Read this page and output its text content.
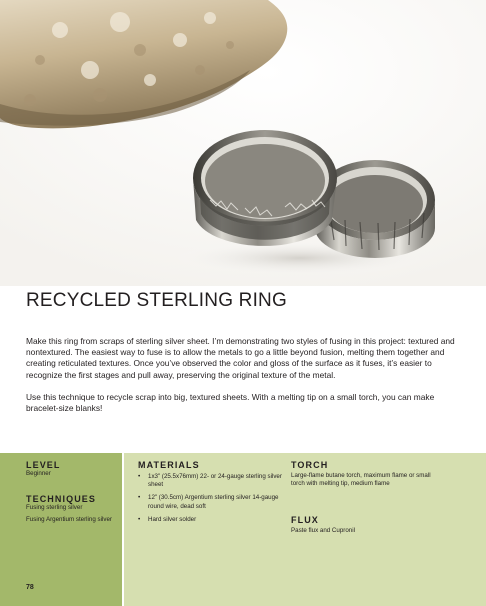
RECYCLED STERLING RING

Make this ring from scraps of sterling silver sheet. I’m demonstrating two styles of fusing in this project: textured and nontextured. The easiest way to fuse is to allow the metals to go a little beyond fusion, melting them together and creating reticulated textures. Once you’ve observed the color and gloss of the surface as it fuses, it’s easier to recognize the first stages and pull away, preserving the original texture of the metal.

Use this technique to recycle scrap into big, textured sheets. With a melting tip on a small torch, you can make bracelet-size blanks!

LEVEL
Beginner
TECHNIQUES
Fusing sterling silver
Fusing Argentium sterling silver
MATERIALS
• 1x3" (25.5x76mm) 22- or 24-gauge sterling silver sheet
• 12" (30.5cm) Argentium sterling silver 14-gauge round wire, dead soft
• Hard silver solder
TORCH
Large-flame butane torch, maximum flame or small torch with melting tip, medium flame
FLUX
Paste flux and Cupronil
78
